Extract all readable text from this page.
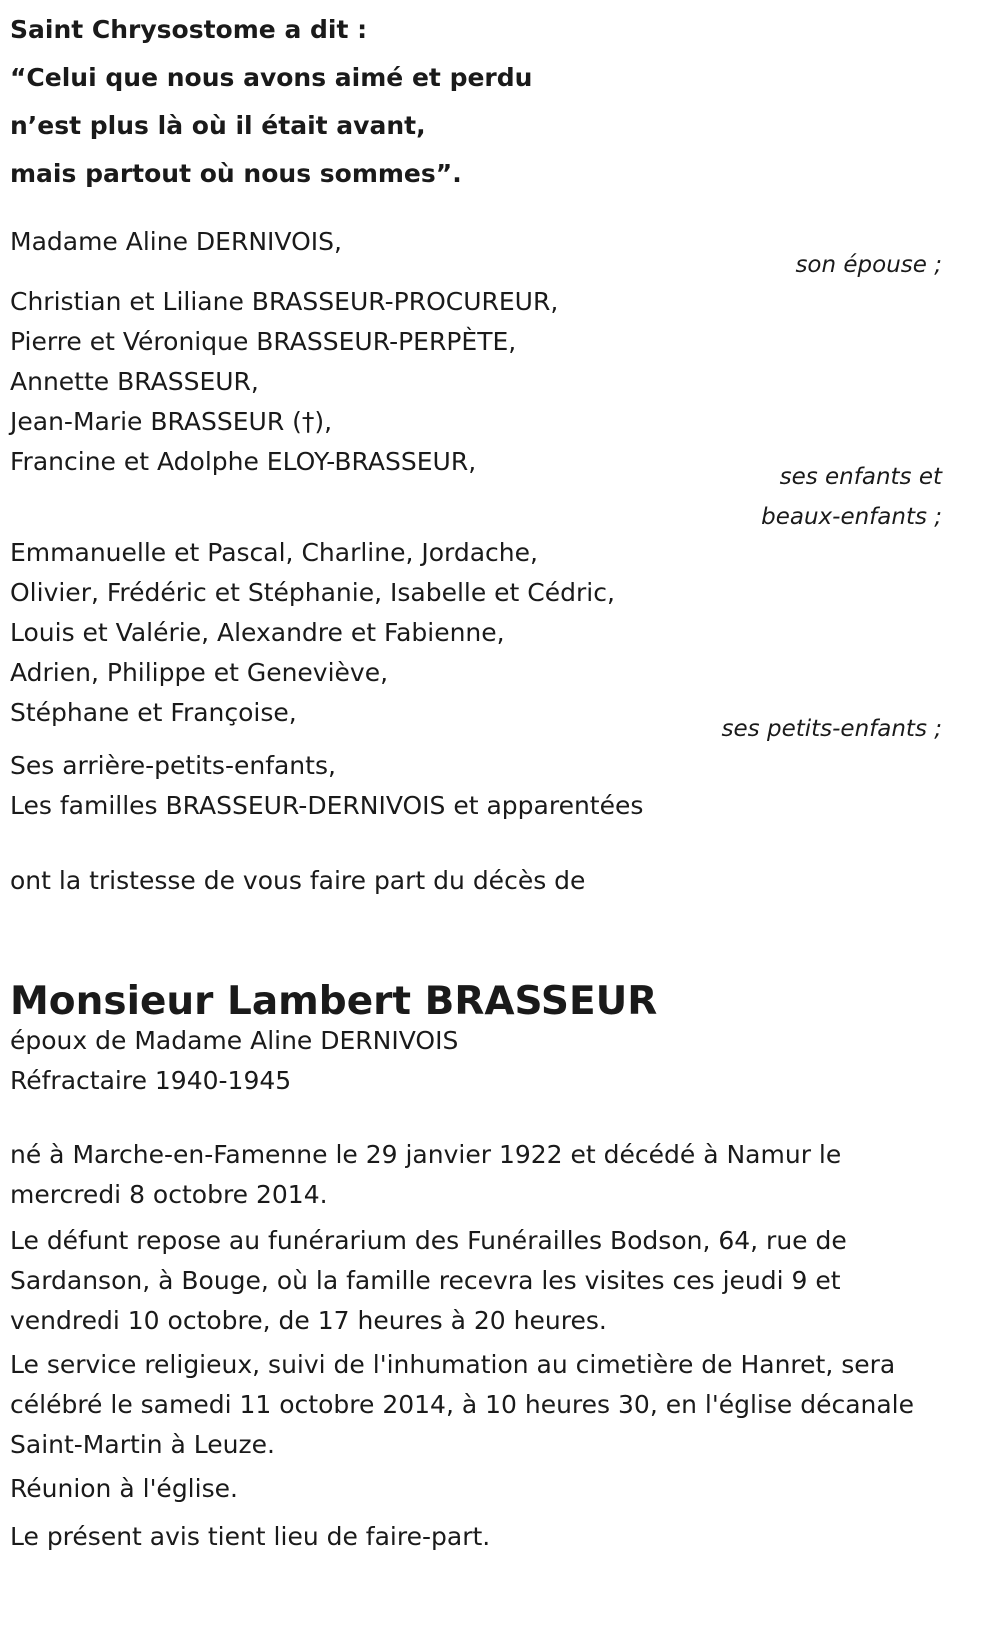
Saint Chrysostome a dit :
“Celui que nous avons aimé et perdu
n’est plus là où il était avant,
mais partout où nous sommes”.
Madame Aline DERNIVOIS,
son épouse ;
Christian et Liliane BRASSEUR-PROCUREUR,
Pierre et Véronique BRASSEUR-PERPÈTE,
Annette BRASSEUR,
Jean-Marie BRASSEUR (†),
Francine et Adolphe ELOY-BRASSEUR,
ses enfants et
beaux-enfants ;
Emmanuelle et Pascal, Charline, Jordache,
Olivier, Frédéric et Stéphanie, Isabelle et Cédric,
Louis et Valérie, Alexandre et Fabienne,
Adrien, Philippe et Geneviève,
Stéphane et Françoise,
ses petits-enfants ;
Ses arrière-petits-enfants,
Les familles BRASSEUR-DERNIVOIS et apparentées
ont la tristesse de vous faire part du décès de
Monsieur Lambert BRASSEUR
époux de Madame Aline DERNIVOIS
Réfractaire 1940-1945
né à Marche-en-Famenne le 29 janvier 1922 et décédé à Namur le
mercredi 8 octobre 2014.
Le défunt repose au funérarium des Funérailles Bodson, 64, rue de
Sardanson, à Bouge, où la famille recevra les visites ces jeudi 9 et
vendredi 10 octobre, de 17 heures à 20 heures.
Le service religieux, suivi de l'inhumation au cimetière de Hanret, sera
célébré le samedi 11 octobre 2014, à 10 heures 30, en l'église décanale
Saint-Martin à Leuze.
Réunion à l'église.
Le présent avis tient lieu de faire-part.
